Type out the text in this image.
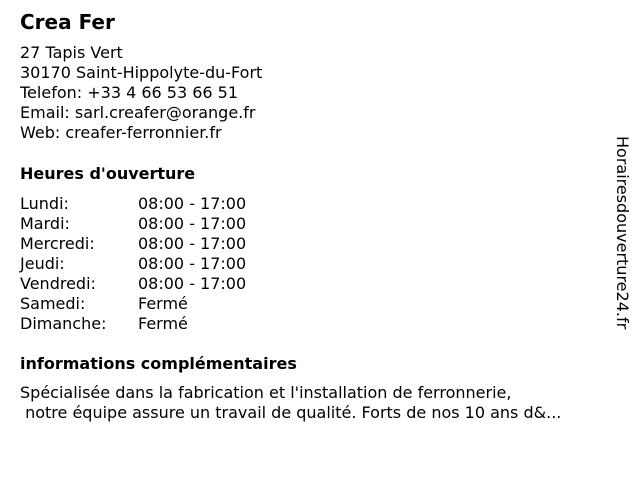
Crea Fer
27 Tapis Vert
30170 Saint-Hippolyte-du-Fort
Telefon: +33 4 66 53 66 51
Email: sarl.creafer@orange.fr
Web: creafer-ferronnier.fr
Heures d'ouverture
Lundi:	08:00 - 17:00
Mardi:	08:00 - 17:00
Mercredi:	08:00 - 17:00
Jeudi:	08:00 - 17:00
Vendredi:	08:00 - 17:00
Samedi:	Fermé
Dimanche: Fermé
informations complémentaires
Spécialisée dans la fabrication et l'installation de ferronnerie,
notre équipe assure un travail de qualité. Forts de nos 10 ans d&...
Horairesdouverture24.fr
